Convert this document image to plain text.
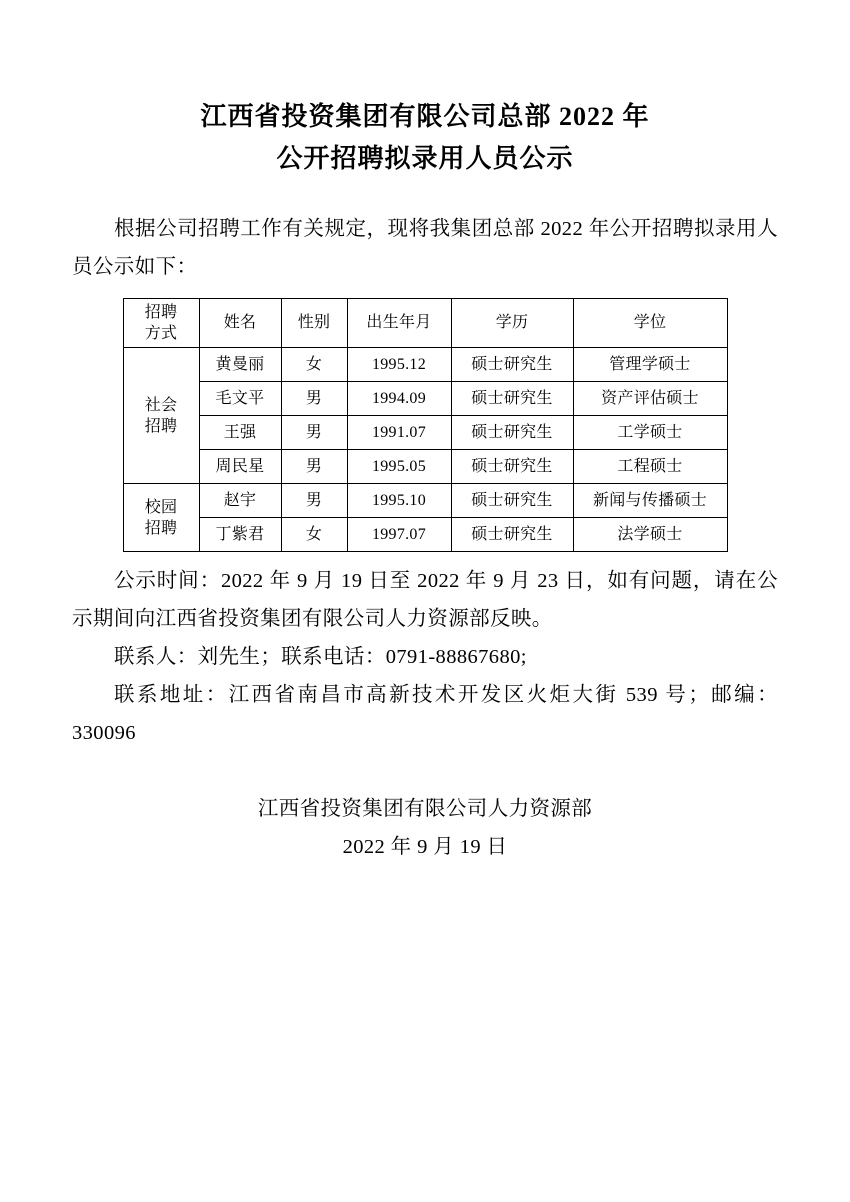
江西省投资集团有限公司总部 2022 年
公开招聘拟录用人员公示

根据公司招聘工作有关规定，现将我集团总部 2022 年公开招聘拟录用人员公示如下：

招聘
方式	姓名	性别	出生年月	学历	学位

社会
招聘	黄曼丽	女	1995.12	硕士研究生	管理学硕士
	毛文平	男	1994.09	硕士研究生	资产评估硕士
	王强	男	1991.07	硕士研究生	工学硕士
	周民星	男	1995.05	硕士研究生	工程硕士

校园
招聘	赵宇	男	1995.10	硕士研究生	新闻与传播硕士
	丁紫君	女	1997.07	硕士研究生	法学硕士

公示时间：2022 年 9 月 19 日至 2022 年 9 月 23 日，如有问题，请在公示期间向江西省投资集团有限公司人力资源部反映。

联系人：刘先生；联系电话：0791-88867680;

联系地址：江西省南昌市高新技术开发区火炬大街 539 号；邮编：330096

江西省投资集团有限公司人力资源部
2022 年 9 月 19 日
